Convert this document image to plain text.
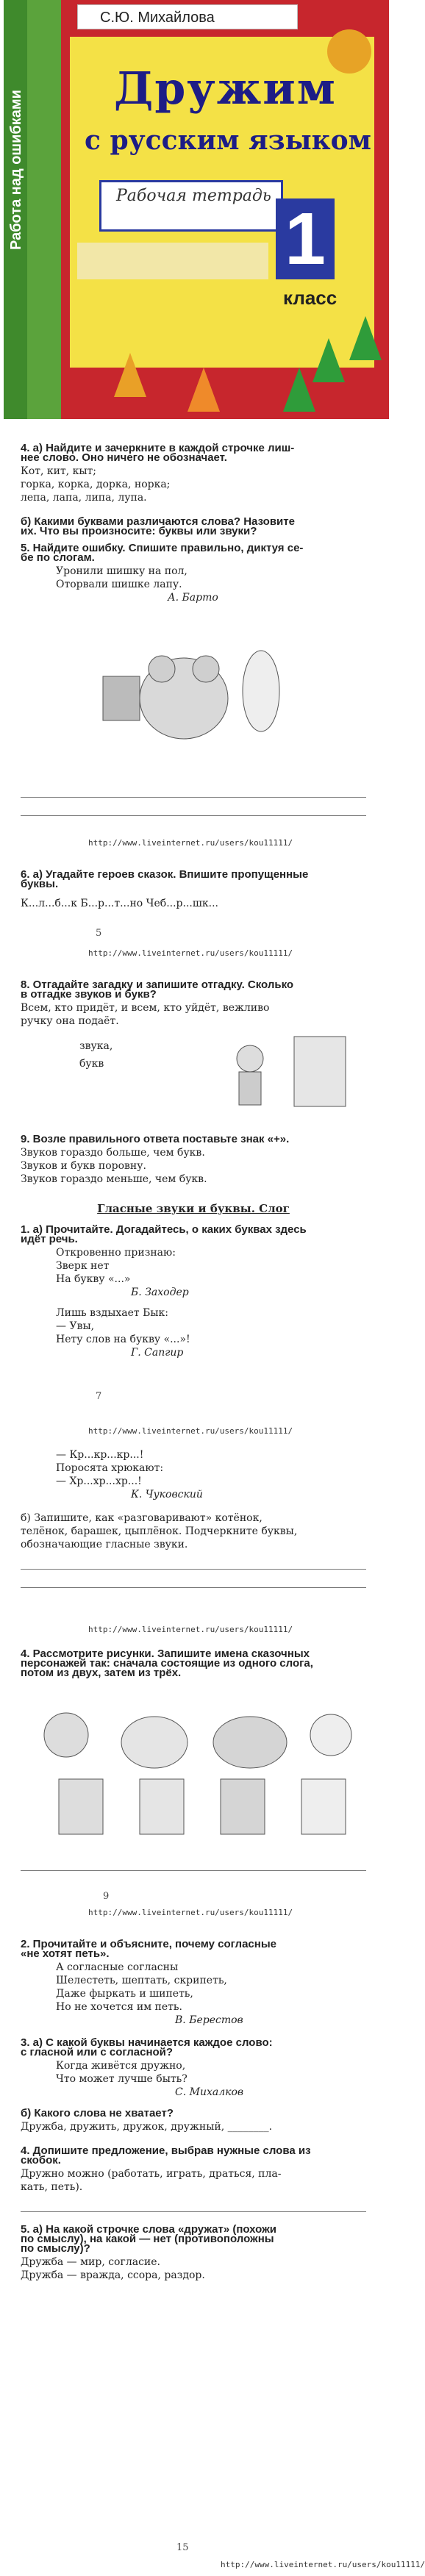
Работа над ошибками
С.Ю. Михайлова
Дружим
с русским языком
Рабочая тетрадь
1
класс

4. а) Найдите и зачеркните в каждой строчке лиш-

нее слово. Оно ничего не обозначает.

Кот, кит, кыт;

горка, корка, дорка, норка;

лепа, лапа, липа, лупа.

б) Какими буквами различаются слова? Назовите

их. Что вы произносите: буквы или звуки?

5. Найдите ошибку. Спишите правильно, диктуя се-

бе по слогам.

Уронили шишку на пол,

Оторвали шишке лапу.

А. Барто

http://www.liveinternet.ru/users/kou11111/

6. а) Угадайте героев сказок. Впишите пропущенные

буквы.

К...л...б...к Б...р...т...но Чеб...р...шк...

5
http://www.liveinternet.ru/users/kou11111/

8. Отгадайте загадку и запишите отгадку. Сколько

в отгадке звуков и букв?

Всем, кто придёт, и всем, кто уйдёт, вежливо

ручку она подаёт.

звука,

букв

9. Возле правильного ответа поставьте знак «+».

Звуков гораздо больше, чем букв.

Звуков и букв поровну.

Звуков гораздо меньше, чем букв.

Гласные звуки и буквы. Слог

1. а) Прочитайте. Догадайтесь, о каких буквах здесь

идёт речь.

Откровенно признаю:

Зверк нет

На букву «...»

Б. Заходер

Лишь вздыхает Бык:

— Увы,

Нету слов на букву «...»!

Г. Сапгир

7
http://www.liveinternet.ru/users/kou11111/

— Кр...кр...кр...!

Поросята хрюкают:

— Хр...хр...хр...!

К. Чуковский

б) Запишите, как «разговаривают» котёнок,

телёнок, барашек, цыплёнок. Подчеркните буквы,

обозначающие гласные звуки.

http://www.liveinternet.ru/users/kou11111/

4. Рассмотрите рисунки. Запишите имена сказочных

персонажей так: сначала состоящие из одного слога,

потом из двух, затем из трёх.

9
http://www.liveinternet.ru/users/kou11111/

2. Прочитайте и объясните, почему согласные

«не хотят петь».

А согласные согласны

Шелестеть, шептать, скрипеть,

Даже фыркать и шипеть,

Но не хочется им петь.

В. Берестов

3. а) С какой буквы начинается каждое слово:

с гласной или с согласной?

Когда живётся дружно,

Что может лучше быть?

С. Михалков

б) Какого слова не хватает?

Дружба, дружить, дружок, дружный, ________.

4. Допишите предложение, выбрав нужные слова из

скобок.

Дружно можно (работать, играть, драться, пла-

кать, петь).

5. а) На какой строчке слова «дружат» (похожи

по смыслу), на какой — нет (противоположны

по смыслу)?

Дружба — мир, согласие.

Дружба — вражда, ссора, раздор.

15
http://www.liveinternet.ru/users/kou11111/
